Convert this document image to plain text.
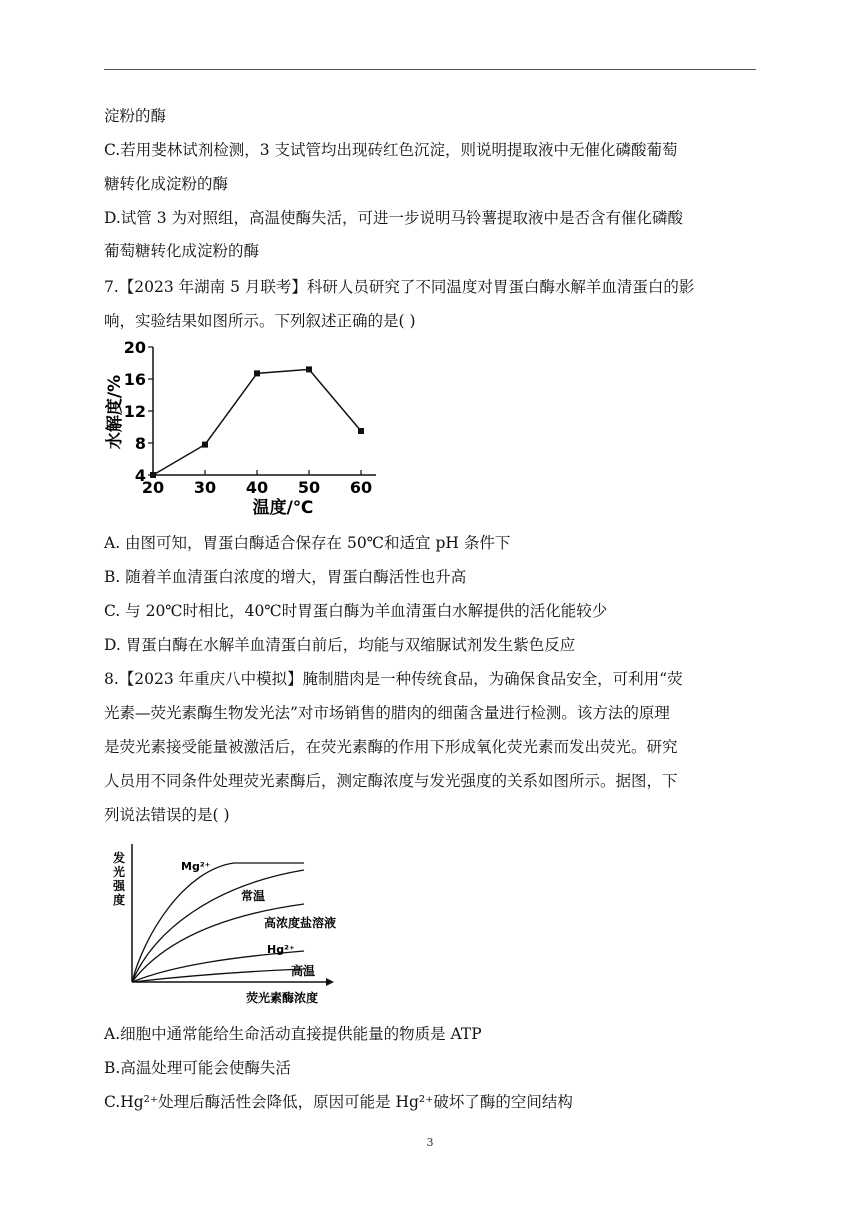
淀粉的酶
C.若用斐林试剂检测，3 支试管均出现砖红色沉淀，则说明提取液中无催化磷酸葡萄
糖转化成淀粉的酶
D.试管 3 为对照组，高温使酶失活，可进一步说明马铃薯提取液中是否含有催化磷酸
葡萄糖转化成淀粉的酶
7.【2023 年湖南 5 月联考】科研人员研究了不同温度对胃蛋白酶水解羊血清蛋白的影
响，实验结果如图所示。下列叙述正确的是( )
4
8
12
16
20
20 30 40 50 60
水解度/%
温度/℃
A. 由图可知，胃蛋白酶适合保存在 50℃和适宜 pH 条件下
B. 随着羊血清蛋白浓度的增大，胃蛋白酶活性也升高
C. 与 20℃时相比，40℃时胃蛋白酶为羊血清蛋白水解提供的活化能较少
D. 胃蛋白酶在水解羊血清蛋白前后，均能与双缩脲试剂发生紫色反应
8.【2023 年重庆八中模拟】腌制腊肉是一种传统食品，为确保食品安全，可利用“荧
光素—荧光素酶生物发光法”对市场销售的腊肉的细菌含量进行检测。该方法的原理
是荧光素接受能量被激活后，在荧光素酶的作用下形成氧化荧光素而发出荧光。研究
人员用不同条件处理荧光素酶后，测定酶浓度与发光强度的关系如图所示。据图，下
列说法错误的是( )
发 光 强 度
Mg²⁺
常温
高浓度盐溶液
Hg²⁺
高温
荧光素酶浓度
A.细胞中通常能给生命活动直接提供能量的物质是 ATP
B.高温处理可能会使酶失活
C.Hg²⁺处理后酶活性会降低，原因可能是 Hg²⁺破坏了酶的空间结构
3
